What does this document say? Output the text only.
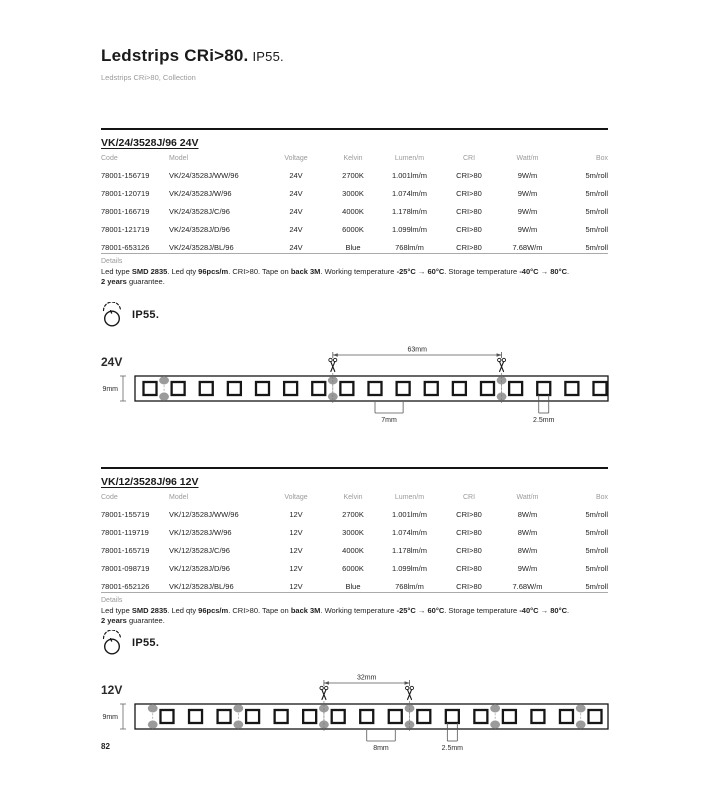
Ledstrips CRi>80. IP55.
Ledstrips CRi>80, Collection
VK/24/3528J/96 24V
Code	Model	Voltage	Kelvin	Lumen/m	CRI	Watt/m	Box
78001-156719	VK/24/3528J/WW/96	24V	2700K	1.001lm/m	CRI>80	9W/m	5m/roll
78001-120719	VK/24/3528J/W/96	24V	3000K	1.074lm/m	CRI>80	9W/m	5m/roll
78001-166719	VK/24/3528J/C/96	24V	4000K	1.178lm/m	CRI>80	9W/m	5m/roll
78001-121719	VK/24/3528J/D/96	24V	6000K	1.099lm/m	CRI>80	9W/m	5m/roll
78001-653126	VK/24/3528J/BL/96	24V	Blue	768lm/m	CRI>80	7.68W/m	5m/roll
Details

Led type SMD 2835. Led qty 96pcs/m. CRI>80. Tape on back 3M. Working temperature -25°C → 60°C. Storage temperature -40°C → 80°C.

2 years guarantee.

IP55.
24V
9mm
63mm
7mm	2.5mm
VK/12/3528J/96 12V
Code	Model	Voltage	Kelvin	Lumen/m	CRI	Watt/m	Box
78001-155719	VK/12/3528J/WW/96	12V	2700K	1.001lm/m	CRI>80	8W/m	5m/roll
78001-119719	VK/12/3528J/W/96	12V	3000K	1.074lm/m	CRI>80	8W/m	5m/roll
78001-165719	VK/12/3528J/C/96	12V	4000K	1.178lm/m	CRI>80	8W/m	5m/roll
78001-098719	VK/12/3528J/D/96	12V	6000K	1.099lm/m	CRI>80	9W/m	5m/roll
78001-652126	VK/12/3528J/BL/96	12V	Blue	768lm/m	CRI>80	7.68W/m	5m/roll
Details

Led type SMD 2835. Led qty 96pcs/m. CRI>80. Tape on back 3M. Working temperature -25°C → 60°C. Storage temperature -40°C → 80°C.

2 years guarantee.

IP55.
12V
9mm
32mm
8mm	2.5mm
82
